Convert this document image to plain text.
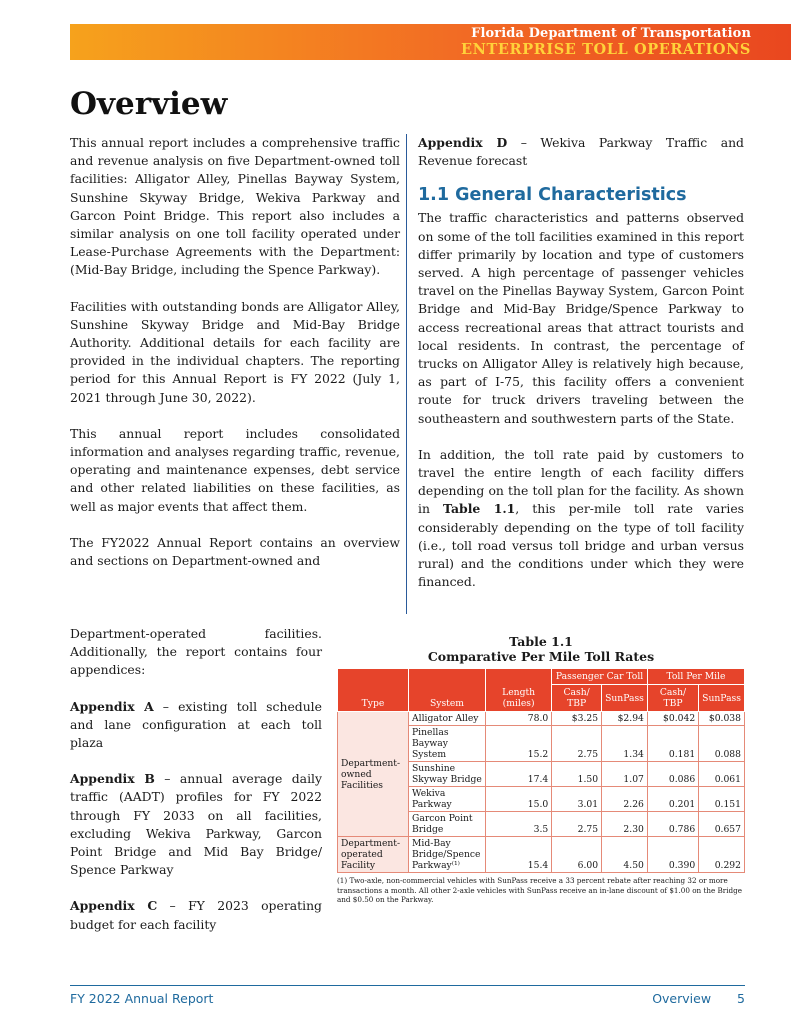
Florida Department of Transportation
ENTERPRISE TOLL OPERATIONS
Overview

This annual report includes a comprehensive traffic and revenue analysis on five Department-owned toll facilities: Alligator Alley, Pinellas Bayway System, Sunshine Skyway Bridge, Wekiva Parkway and Garcon Point Bridge. This report also includes a similar analysis on one toll facility operated under Lease-Purchase Agreements with the Department: (Mid-Bay Bridge, including the Spence Parkway).

Facilities with outstanding bonds are Alligator Alley, Sunshine Skyway Bridge and Mid-Bay Bridge Authority. Additional details for each facility are provided in the individual chapters. The reporting period for this Annual Report is FY 2022 (July 1, 2021 through June 30, 2022).

This annual report includes consolidated information and analyses regarding traffic, revenue, operating and maintenance expenses, debt service and other related liabilities on these facilities, as well as major events that affect them.

The FY2022 Annual Report contains an overview and sections on Department-owned and

Department-operated facilities. Additionally, the report contains four appendices:

Appendix A – existing toll schedule and lane configuration at each toll plaza

Appendix B – annual average daily traffic (AADT) profiles for FY 2022 through FY 2033 on all facilities, excluding Wekiva Parkway, Garcon Point Bridge and Mid Bay Bridge/ Spence Parkway

Appendix C – FY 2023 operating budget for each facility

Appendix D – Wekiva Parkway Traffic and Revenue forecast

1.1 General Characteristics

The traffic characteristics and patterns observed on some of the toll facilities examined in this report differ primarily by location and type of customers served. A high percentage of passenger vehicles travel on the Pinellas Bayway System, Garcon Point Bridge and Mid-Bay Bridge/Spence Parkway to access recreational areas that attract tourists and local residents. In contrast, the percentage of trucks on Alligator Alley is relatively high because, as part of I-75, this facility offers a convenient route for truck drivers traveling between the southeastern and southwestern parts of the State.

In addition, the toll rate paid by customers to travel the entire length of each facility differs depending on the toll plan for the facility. As shown in Table 1.1, this per-mile toll rate varies considerably depending on the type of toll facility (i.e., toll road versus toll bridge and urban versus rural) and the conditions under which they were financed.

Table 1.1
Comparative Per Mile Toll Rates
Type	System	Length (miles)	Passenger Car Toll		Toll Per Mile	
			Cash/ TBP	SunPass	Cash/ TBP	SunPass
Department-owned Facilities	Alligator Alley	78.0	$3.25	$2.94	$0.042	$0.038
	Pinellas Bayway System	15.2	2.75	1.34	0.181	0.088
	Sunshine Skyway Bridge	17.4	1.50	1.07	0.086	0.061
	Wekiva Parkway	15.0	3.01	2.26	0.201	0.151
	Garcon Point Bridge	3.5	2.75	2.30	0.786	0.657
Department-operated Facility	Mid-Bay Bridge/Spence Parkway⁽¹⁾	15.4	6.00	4.50	0.390	0.292
(1) Two-axle, non-commercial vehicles with SunPass receive a 33 percent rebate after reaching 32 or more transactions a month. All other 2-axle vehicles with SunPass receive an in-lane discount of $1.00 on the Bridge and $0.50 on the Parkway.
FY 2022 Annual Report	Overview 5
